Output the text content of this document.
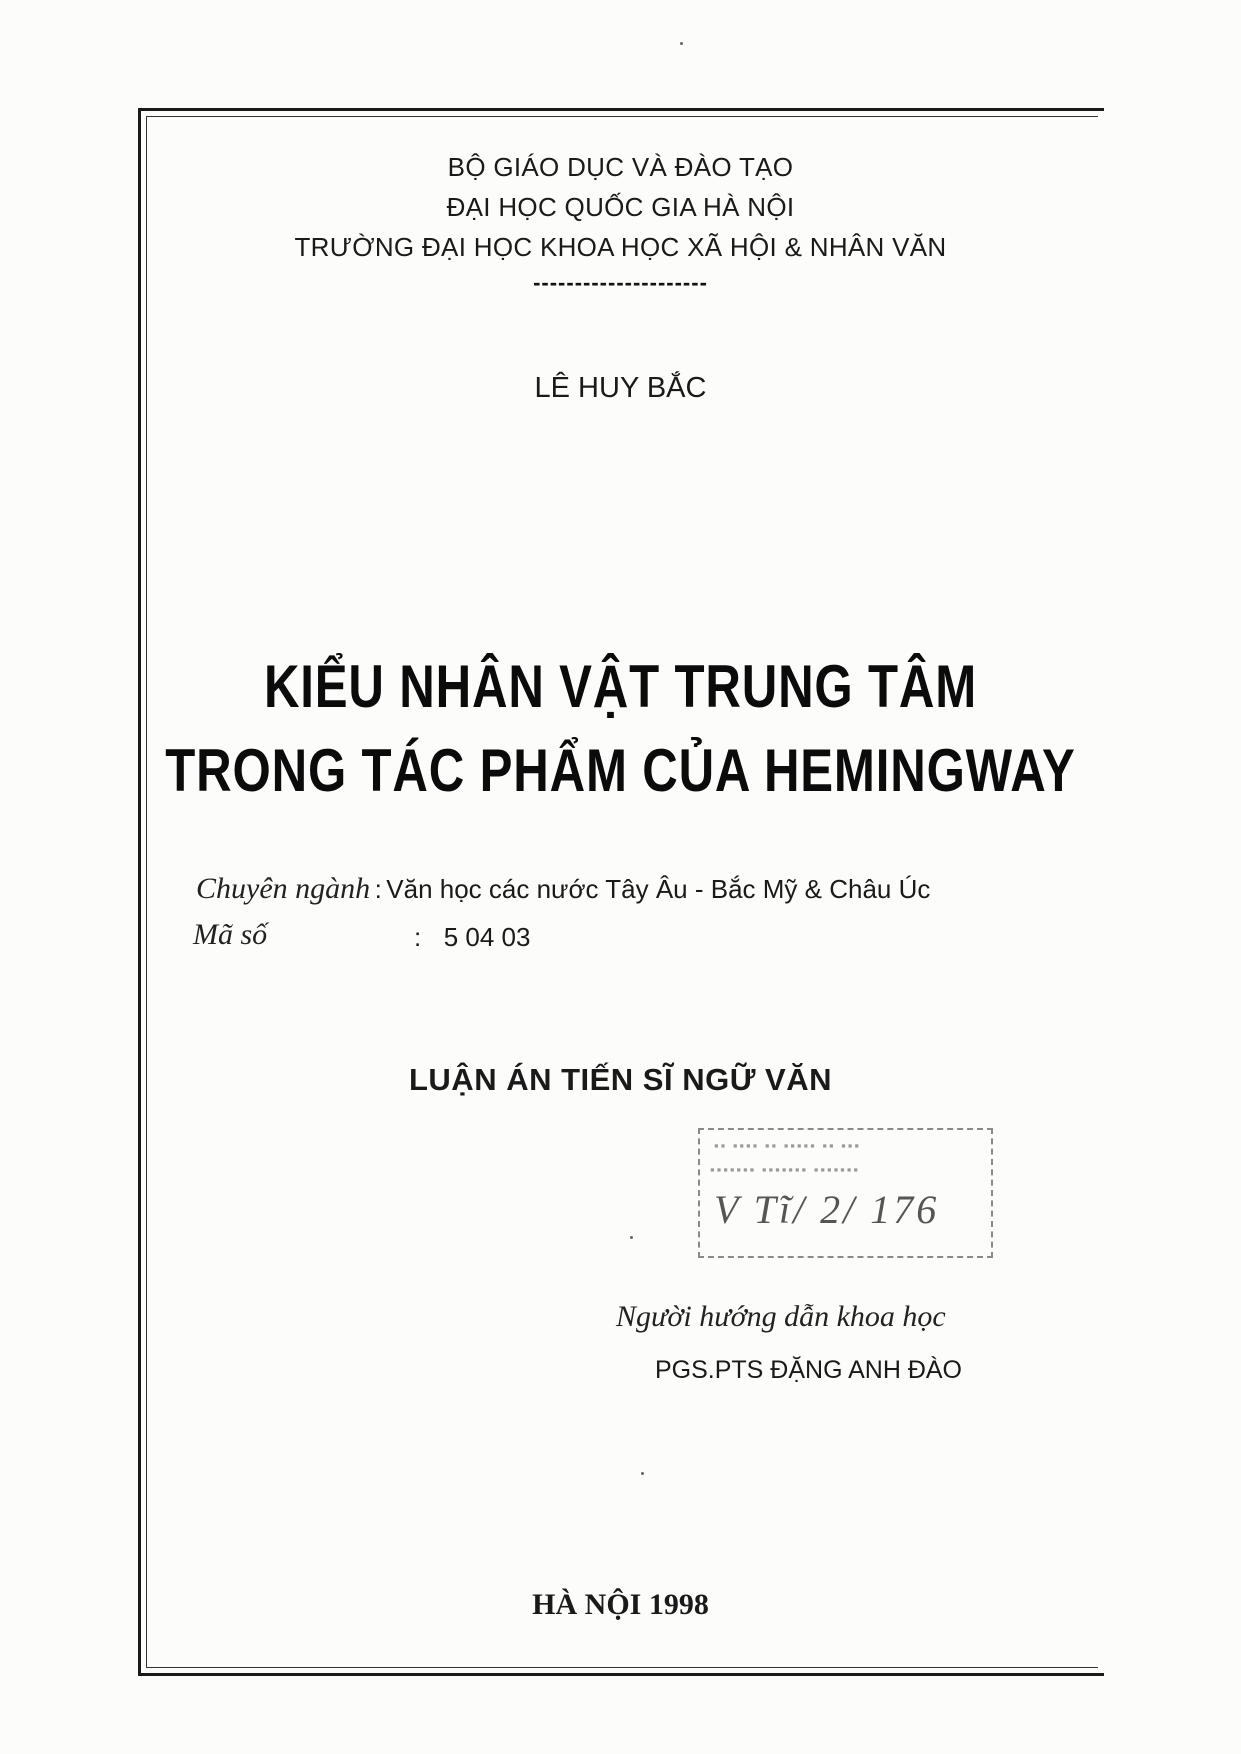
BỘ GIÁO DỤC VÀ ĐÀO TẠO
ĐẠI HỌC QUỐC GIA HÀ NỘI
TRƯỜNG ĐẠI HỌC KHOA HỌC XÃ HỘI & NHÂN VĂN
---------------------
LÊ HUY BẮC
KIỂU NHÂN VẬT TRUNG TÂM
TRONG TÁC PHẨM CỦA HEMINGWAY
Chuyên ngành : Văn học các nước Tây Âu - Bắc Mỹ & Châu Úc
Mã số	: 5 04 03
LUẬN ÁN TIẾN SĨ NGỮ VĂN
▪▪ ▪▪▪▪ ▪▪ ▪▪▪▪▪ ▪▪ ▪▪▪
▪▪▪▪▪▪▪ ▪▪▪▪▪▪▪ ▪▪▪▪▪▪▪
V Tĩ/ 2/ 176
Người hướng dẫn khoa học
PGS.PTS ĐẶNG ANH ĐÀO
HÀ NỘI 1998
